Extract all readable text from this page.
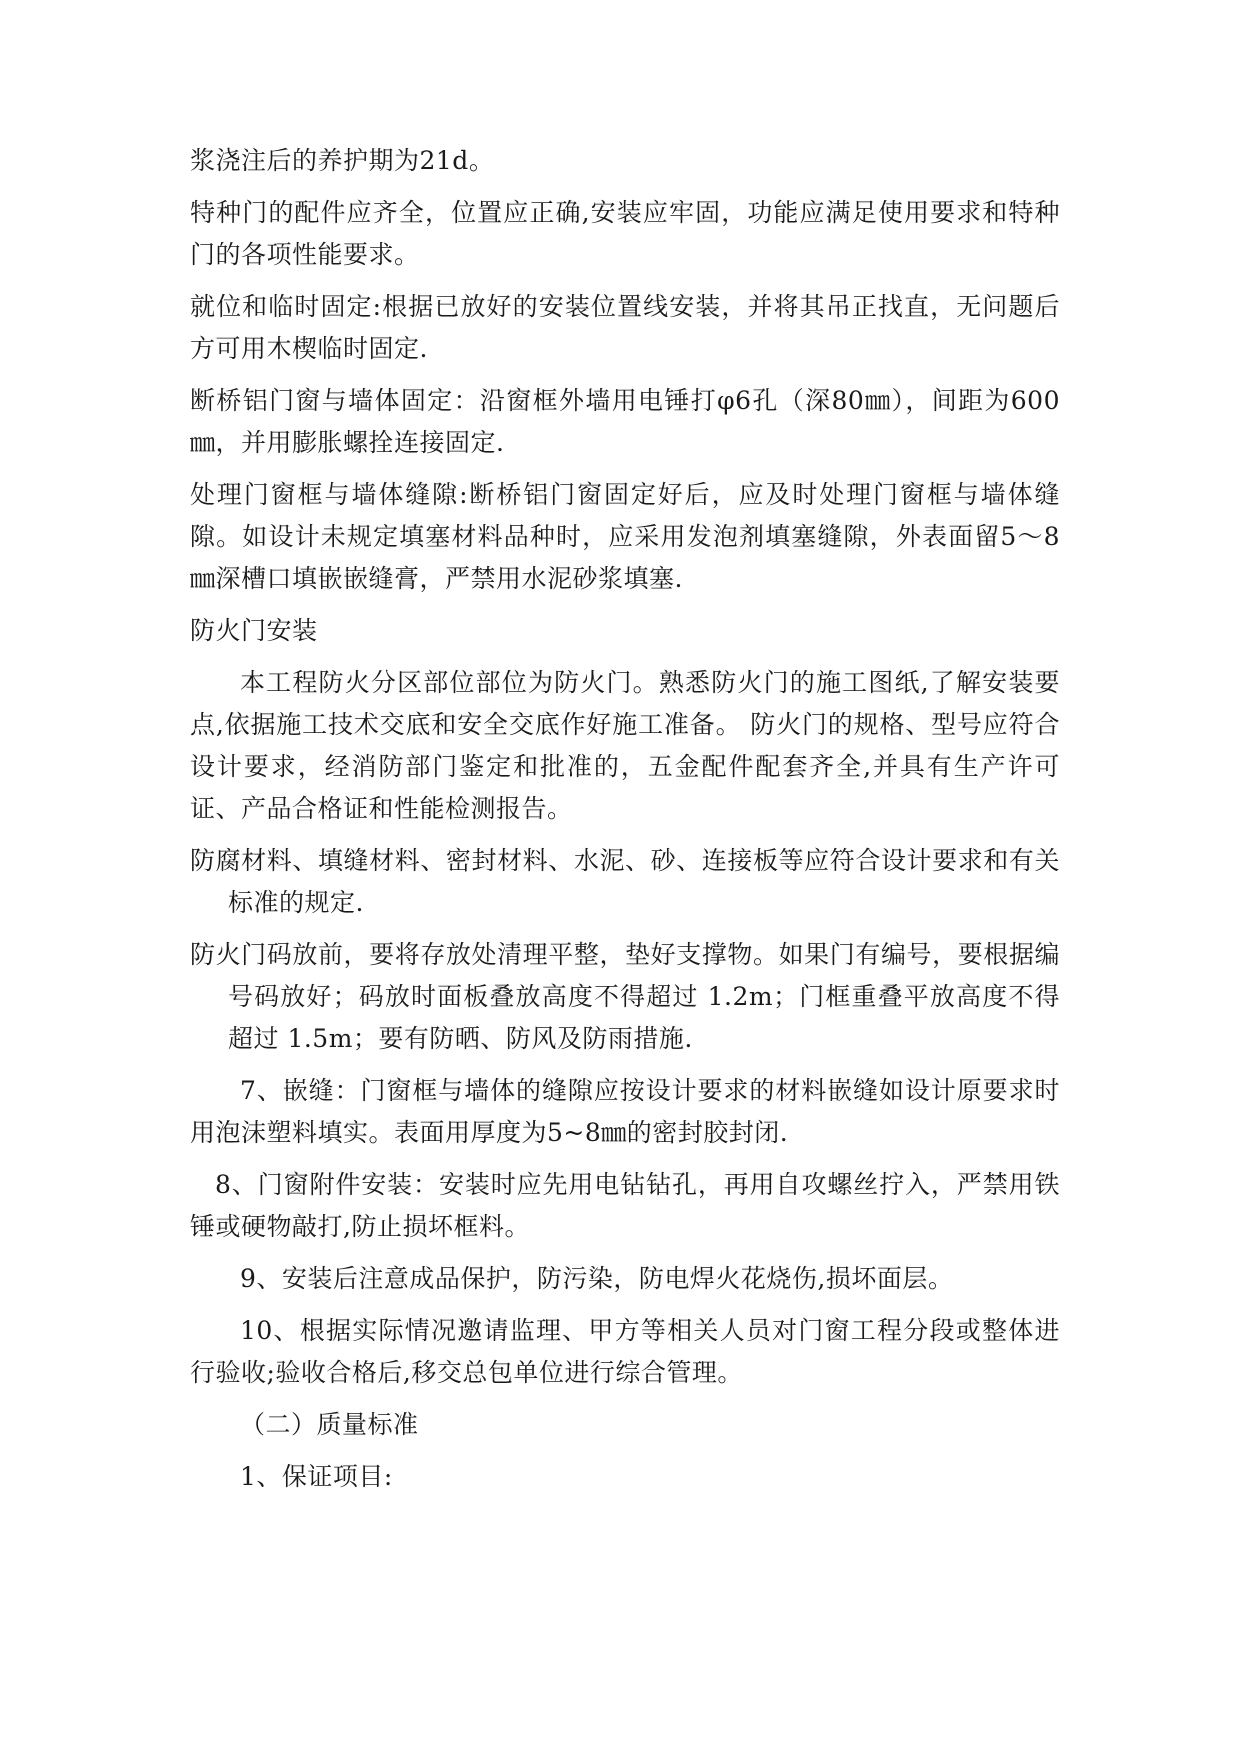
浆浇注后的养护期为21d。

特种门的配件应齐全，位置应正确,安装应牢固，功能应满足使用要求和特种门的各项性能要求。

就位和临时固定:根据已放好的安装位置线安装，并将其吊正找直，无问题后方可用木楔临时固定.

断桥铝门窗与墙体固定：沿窗框外墙用电锤打φ6孔（深80㎜），间距为600㎜，并用膨胀螺拴连接固定.

处理门窗框与墙体缝隙:断桥铝门窗固定好后，应及时处理门窗框与墙体缝隙。如设计未规定填塞材料品种时，应采用发泡剂填塞缝隙，外表面留5～8㎜深槽口填嵌嵌缝膏，严禁用水泥砂浆填塞.

防火门安装

本工程防火分区部位部位为防火门。熟悉防火门的施工图纸,了解安装要点,依据施工技术交底和安全交底作好施工准备。 防火门的规格、型号应符合设计要求，经消防部门鉴定和批准的，五金配件配套齐全,并具有生产许可证、产品合格证和性能检测报告。

防腐材料、填缝材料、密封材料、水泥、砂、连接板等应符合设计要求和有关标准的规定.

防火门码放前，要将存放处清理平整，垫好支撑物。如果门有编号，要根据编号码放好；码放时面板叠放高度不得超过 1.2m；门框重叠平放高度不得超过 1.5m；要有防晒、防风及防雨措施.

7、嵌缝：门窗框与墙体的缝隙应按设计要求的材料嵌缝如设计原要求时用泡沫塑料填实。表面用厚度为5~8㎜的密封胶封闭.

8、门窗附件安装：安装时应先用电钻钻孔，再用自攻螺丝拧入，严禁用铁锤或硬物敲打,防止损坏框料。

9、安装后注意成品保护，防污染，防电焊火花烧伤,损坏面层。

10、根据实际情况邀请监理、甲方等相关人员对门窗工程分段或整体进行验收;验收合格后,移交总包单位进行综合管理。

（二）质量标准

1、保证项目:
